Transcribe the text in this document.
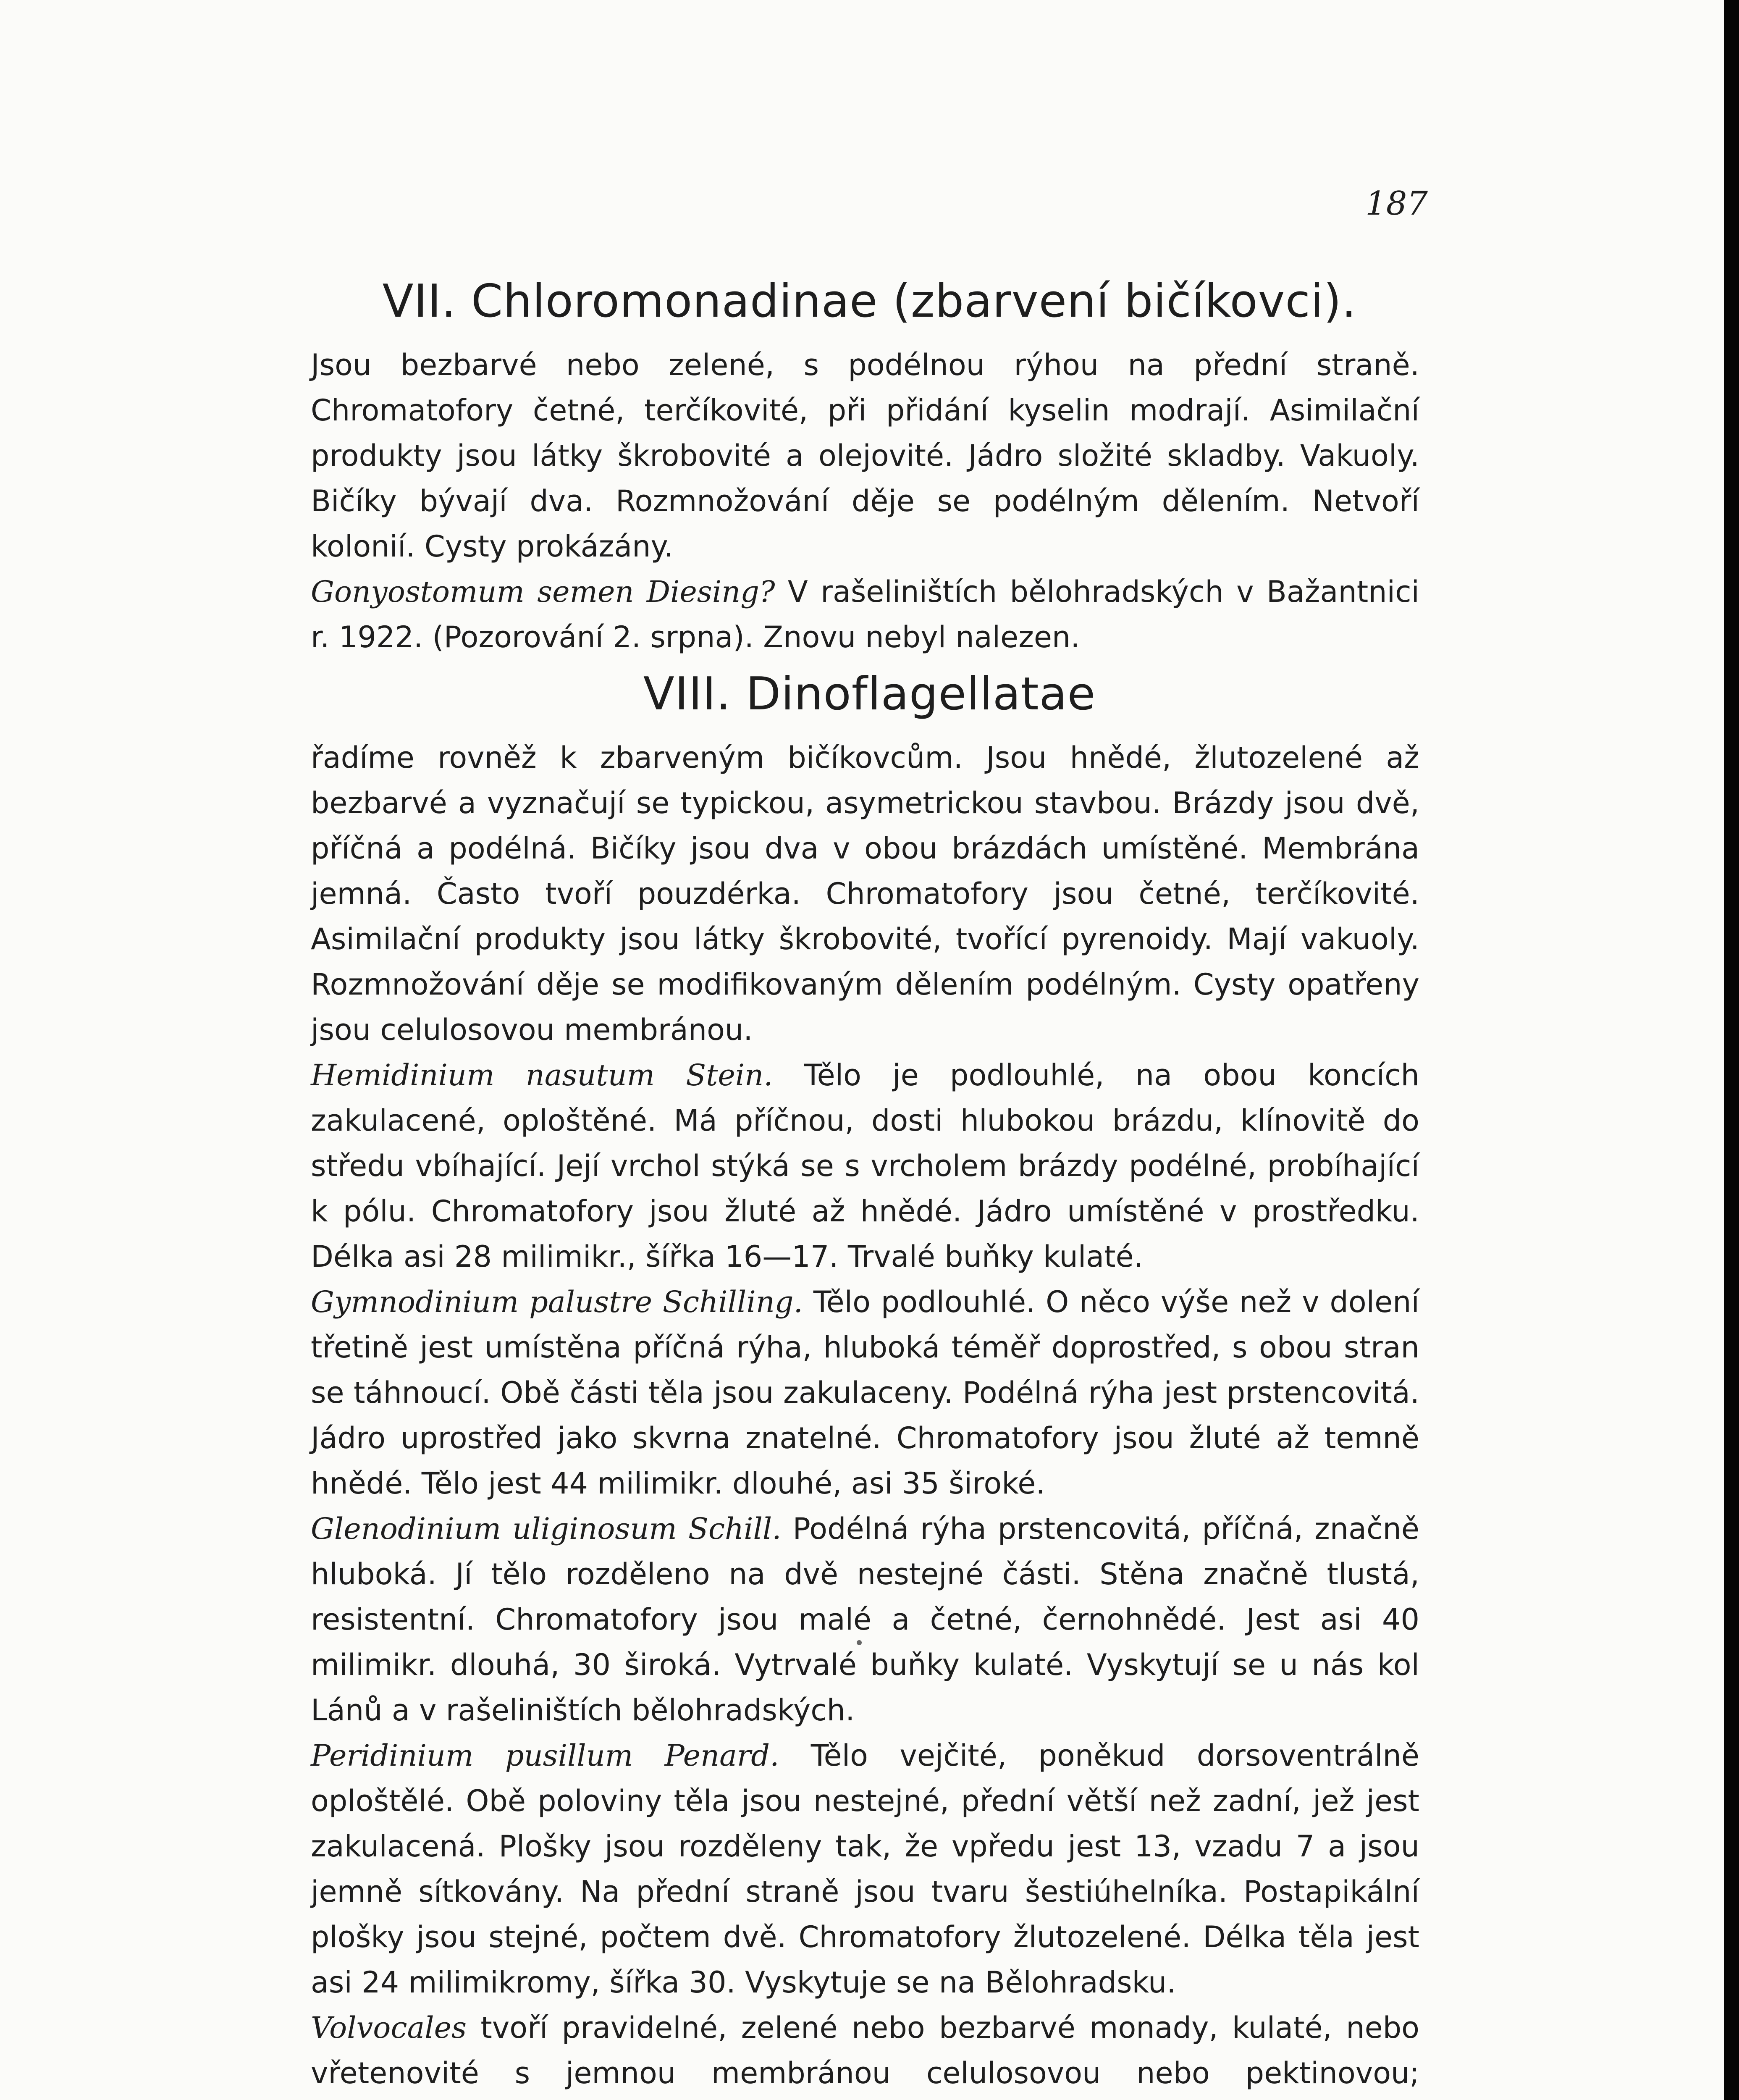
187
VII. Chloromonadinae (zbarvení bičíkovci).

Jsou bezbarvé nebo zelené, s podélnou rýhou na přední straně. Chromatofory četné, terčíkovité, při přidání kyselin modrají. Asimilační produkty jsou látky škrobovité a olejovité. Jádro složité skladby. Vakuoly. Bičíky bývají dva. Rozmnožování děje se podélným dělením. Netvoří kolonií. Cysty prokázány.

Gonyostomum semen Diesing? V rašeliništích bělohradských v Bažantnici r. 1922. (Pozorování 2. srpna). Znovu nebyl nalezen.

VIII. Dinoflagellatae

řadíme rovněž k zbarveným bičíkovcům. Jsou hnědé, žlutozelené až bezbarvé a vyznačují se typickou, asymetrickou stavbou. Brázdy jsou dvě, příčná a podélná. Bičíky jsou dva v obou brázdách umístěné. Membrána jemná. Často tvoří pouzdérka. Chromatofory jsou četné, terčíkovité. Asimilační produkty jsou látky škrobovité, tvořící pyrenoidy. Mají vakuoly. Rozmnožování děje se modifikovaným dělením podélným. Cysty opatřeny jsou celulosovou membránou.

Hemidinium nasutum Stein. Tělo je podlouhlé, na obou koncích zakulacené, oploštěné. Má příčnou, dosti hlubokou brázdu, klínovitě do středu vbíhající. Její vrchol stýká se s vrcholem brázdy podélné, probíhající k pólu. Chromatofory jsou žluté až hnědé. Jádro umístěné v prostředku. Délka asi 28 milimikr., šířka 16—17. Trvalé buňky kulaté.

Gymnodinium palustre Schilling. Tělo podlouhlé. O něco výše než v dolení třetině jest umístěna příčná rýha, hluboká téměř doprostřed, s obou stran se táhnoucí. Obě části těla jsou zakulaceny. Podélná rýha jest prstencovitá. Jádro uprostřed jako skvrna znatelné. Chromatofory jsou žluté až temně hnědé. Tělo jest 44 milimikr. dlouhé, asi 35 široké.

Glenodinium uliginosum Schill. Podélná rýha prstencovitá, příčná, značně hluboká. Jí tělo rozděleno na dvě nestejné části. Stěna značně tlustá, resistentní. Chromatofory jsou malé a četné, černohnědé. Jest asi 40 milimikr. dlouhá, 30 široká. Vytrvalé buňky kulaté. Vyskytují se u nás kol Lánů a v rašeliništích bělohradských.

Peridinium pusillum Penard. Tělo vejčité, poněkud dorsoventrálně oploštělé. Obě poloviny těla jsou nestejné, přední větší než zadní, jež jest zakulacená. Plošky jsou rozděleny tak, že vpředu jest 13, vzadu 7 a jsou jemně sítkovány. Na přední straně jsou tvaru šestiúhelníka. Postapikální plošky jsou stejné, počtem dvě. Chromatofory žlutozelené. Délka těla jest asi 24 milimikromy, šířka 30. Vyskytuje se na Bělohradsku.

Volvocales tvoří pravidelné, zelené nebo bezbarvé monady, kulaté, nebo vřetenovité s jemnou membránou celulosovou nebo pektinovou;
